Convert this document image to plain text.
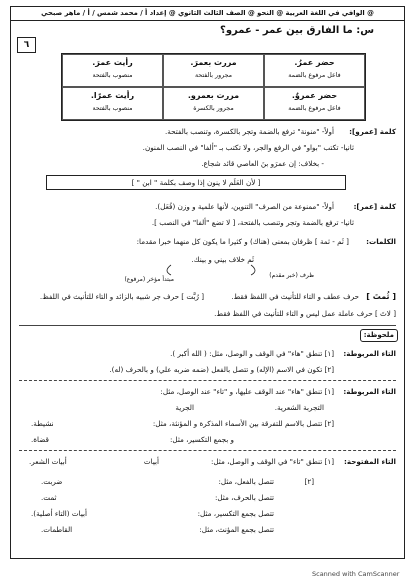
@ الوافي في اللغة العربية @ النحو @ الصف الثالث الثانوي @ إعداد أ / محمد شمس / أ / ماهر صبحي
٦
س: ما الفارق بين عمر - عمرو؟
حضر عمرُ.
فاعل مرفوع بالضمة
مررت بعمرَ.
مجرور بالفتحة
رأيت عمرَ.
منصوب بالفتحة
حضر عمروٌ.
فاعل مرفوع بالضمة
مررت بعمرو.
مجرور بالكسرة
رأيت عمرًا.
منصوب بالفتحة
كلمة [عمرو]:
أولاً- "منونة" ترفع بالضمة وتجر بالكسرة، وتنصب بالفتحة.
ثانيا- تكتب "بواو" في الرفع والجر، ولا تكتب بـ "ألفا" في النصب المنون.
- بخلاف: إن عمرَو بنَ العاصي قائد شجاع.
[ لأن العَلَم لا ينون إذا وصف بكلمة " ابن " ]
كلمة [عمر]:
أولاً- "ممنوعة من الصرف" التنوين، لأنها علمية و وزن (فُعَل).
ثانيا- ترفع بالضمة وتجر وتنصب بالفتحة، [ لا تضع "ألفا" في النصب ].
الكلمات:
[ ثَم - ثمة ] ظرفان بمعنى (هناك) و كثيرا ما يكون كل منهما خبرا مقدما:
ثَم خلاف بيني و بينك.
ظرف (خبر مقدم)
مبتدأ مؤخر (مرفوع)
[ ثُمتَ ]
حرف عطف و التاء للتأنيث في اللفظ فقط.
[ رُبَّت ] حرف جر شبيه بالزائد و التاء للتأنيث في اللفظ.
[ لاتَ ] حرف عاملة عمل ليس و التاء للتأنيث في اللفظ فقط.
ملحوظة:
التاء المربوطة:
[١] تنطق "هاء" في الوقف و الوصل، مثل: ( الله أكبر ).
[٢] تكون في الاسم (الإله) و تتصل بالفعل (ضمه ضربه علي) و بالحرف (له).
التاء المربوطة:
[١] تنطق "هاء" عند الوقف عليها، و "تاء" عند الوصل، مثل:
الجرية	التجربة الشعرية.
[٢] تتصل بالاسم للتفرقة بين الأسماء المذكرة و المؤنثة، مثل:
نشيطة.
و بجمع التكسير، مثل:
قضاة.
التاء المفتوحة:
[١] تنطق "تاء" في الوقف و الوصل، مثل:
أبيات
أبيات الشعر.
[٢]
تتصل بالفعل، مثل:
ضربت.
تتصل بالحرف، مثل:
ثمت.
تتصل بجمع التكسير، مثل:
أبيات (التاء أصلية).
تتصل بجمع المؤنث، مثل:
القاطمات.
Scanned with CamScanner
